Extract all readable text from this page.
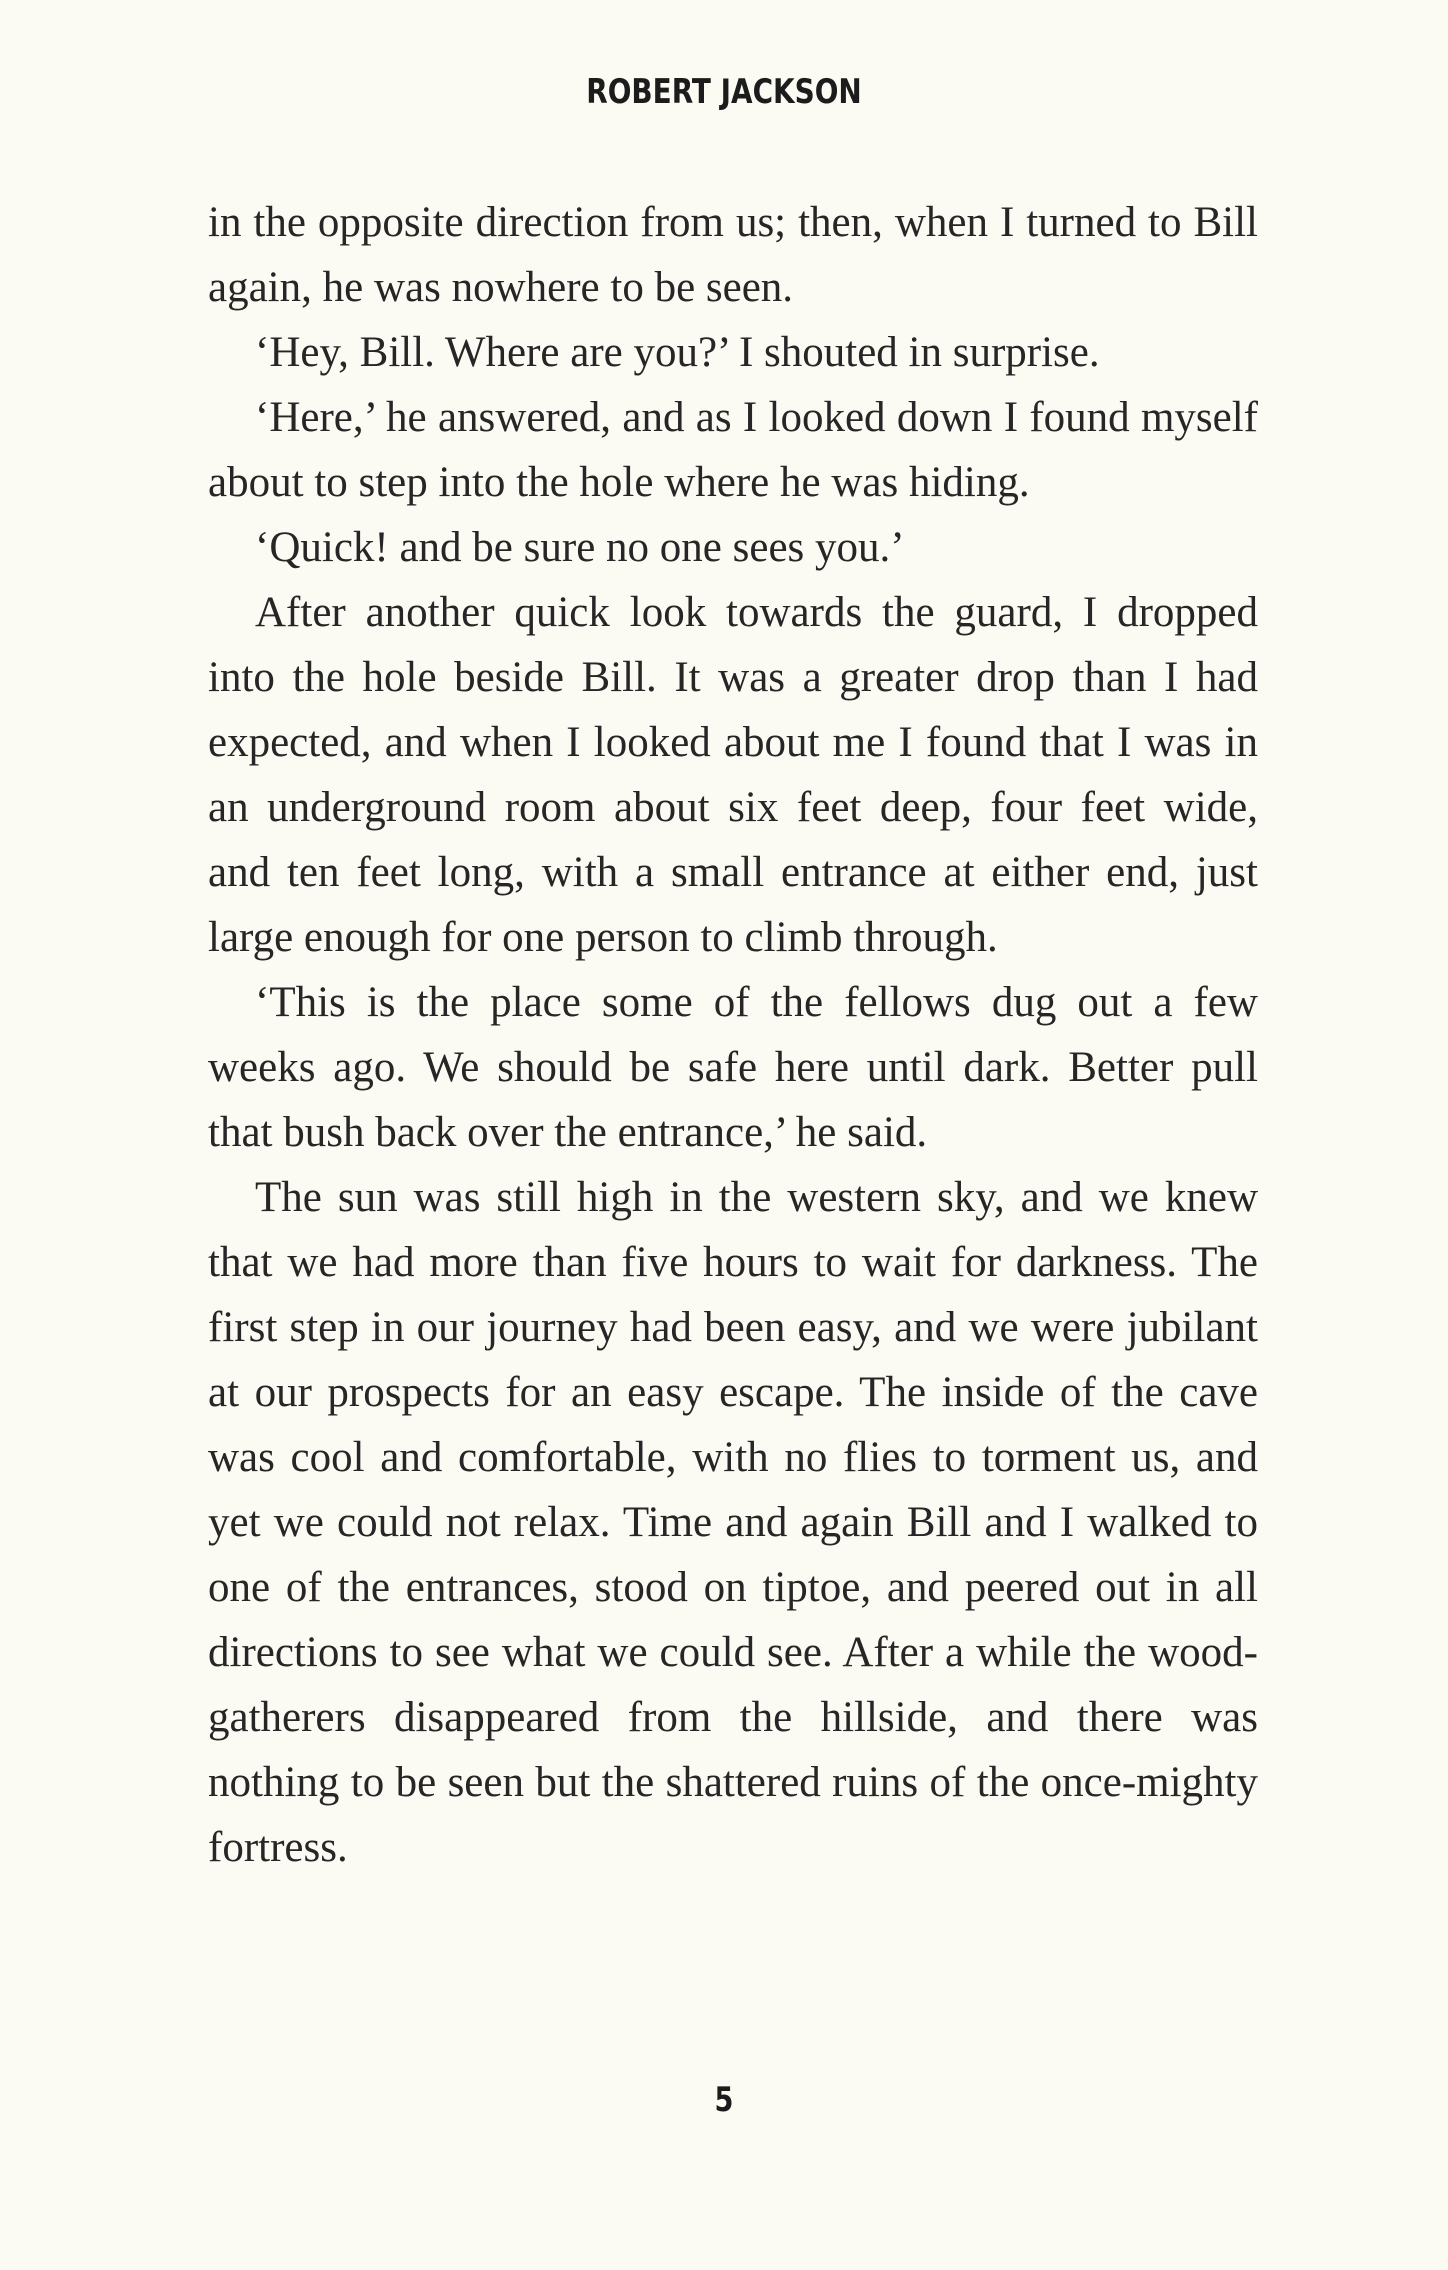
ROBERT JACKSON

in the opposite direction from us; then, when I turned to Bill again, he was nowhere to be seen.

‘Hey, Bill. Where are you?’ I shouted in surprise.

‘Here,’ he answered, and as I looked down I found myself about to step into the hole where he was hiding.

‘Quick! and be sure no one sees you.’

After another quick look towards the guard, I dropped into the hole beside Bill. It was a greater drop than I had expected, and when I looked about me I found that I was in an underground room about six feet deep, four feet wide, and ten feet long, with a small entrance at either end, just large enough for one person to climb through.

‘This is the place some of the fellows dug out a few weeks ago. We should be safe here until dark. Better pull that bush back over the entrance,’ he said.

The sun was still high in the western sky, and we knew that we had more than five hours to wait for darkness. The first step in our journey had been easy, and we were jubilant at our prospects for an easy escape. The inside of the cave was cool and comfortable, with no flies to torment us, and yet we could not relax. Time and again Bill and I walked to one of the entrances, stood on tiptoe, and peered out in all directions to see what we could see. After a while the wood-gatherers disappeared from the hillside, and there was nothing to be seen but the shattered ruins of the once-mighty fortress.

5
